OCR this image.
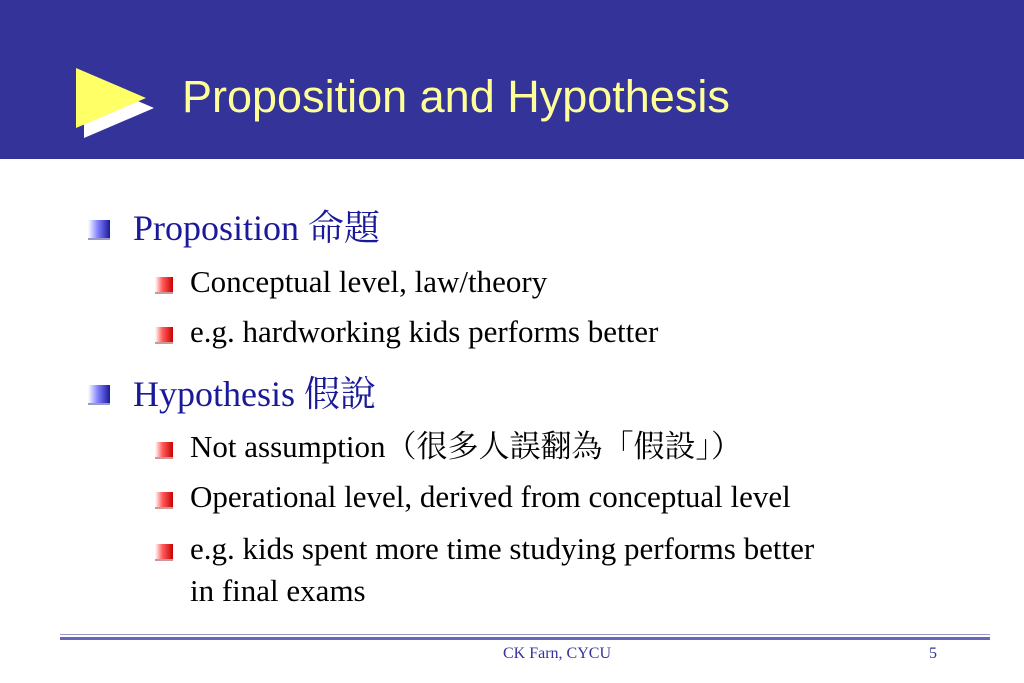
Proposition and Hypothesis
Proposition 命題
Conceptual level, law/theory
e.g. hardworking kids performs better
Hypothesis 假說
Not assumption（很多人誤翻為「假設」）
Operational level, derived from conceptual level
e.g. kids spent more time studying performs better
in final exams
CK Farn, CYCU	5
